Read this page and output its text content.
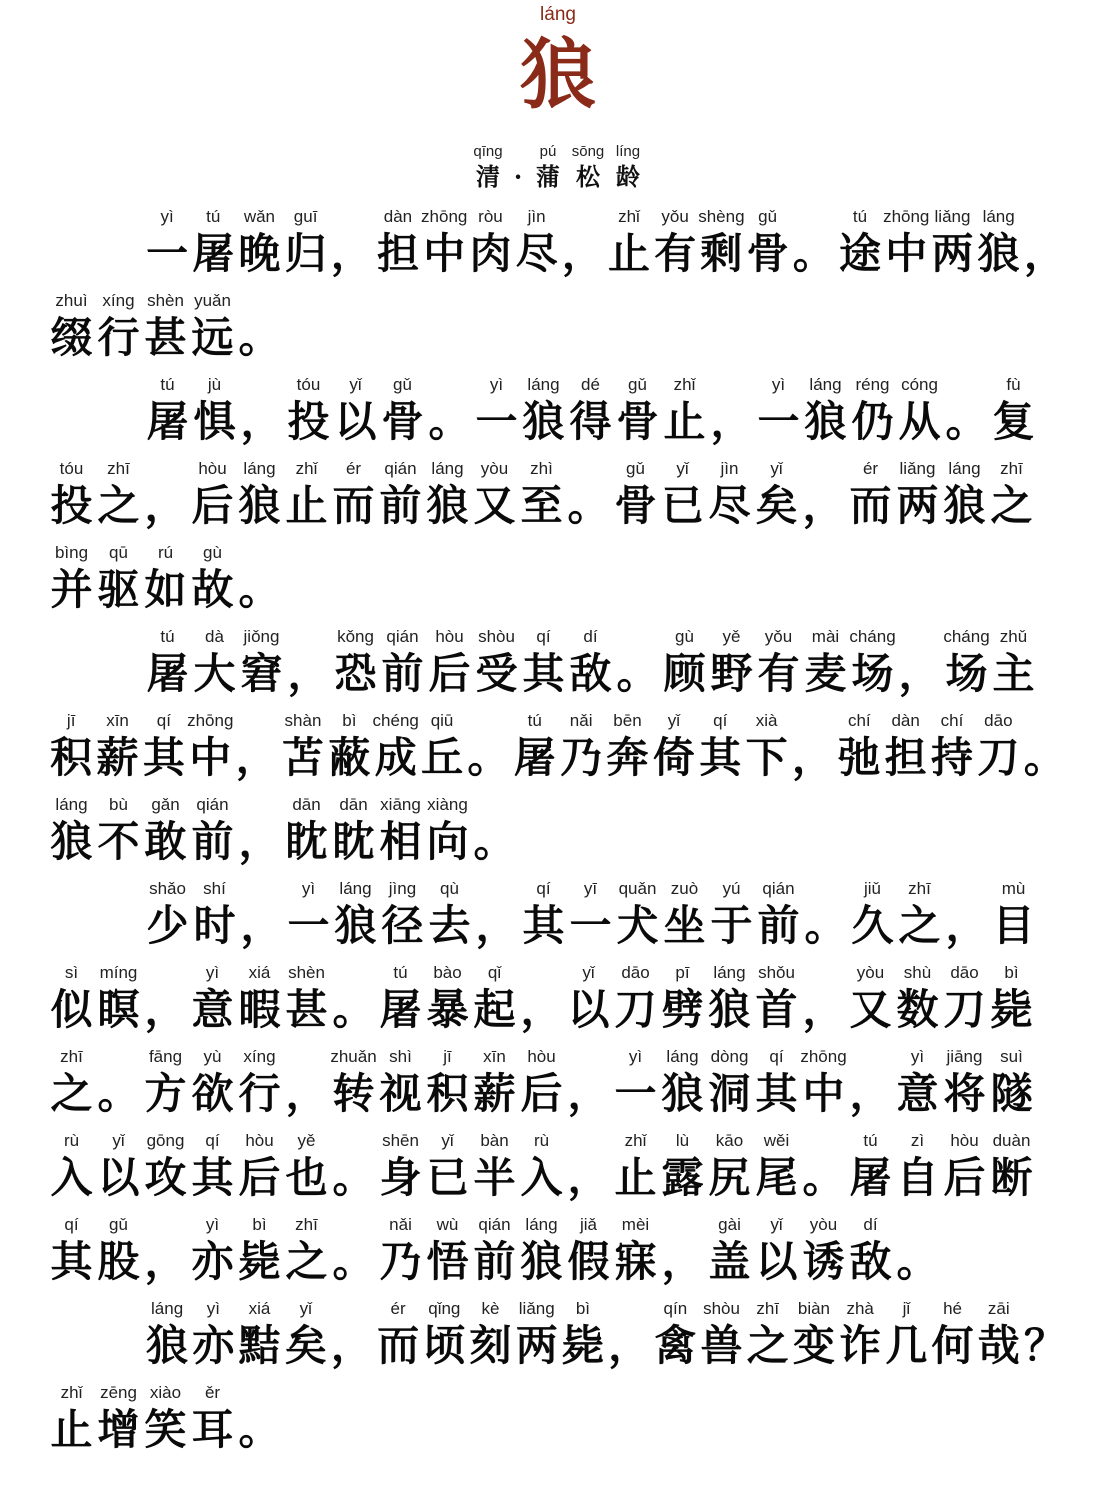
láng
狼
qīng
清 ·
pú
蒲
sōng
松
líng
龄
yì
一
tú
屠
wǎn
晚
guī
归 ，
dàn
担
zhōng
中
ròu
肉
jìn
尽 ，
zhǐ
止
yǒu
有
shèng
剩
gǔ
骨 。
tú
途
zhōng
中
liǎng
两
láng
狼 ，
zhuì
缀
xíng
行
shèn
甚
yuǎn
远 。
tú
屠
jù
惧 ，
tóu
投
yǐ
以
gǔ
骨 。
yì
一
láng
狼
dé
得
gǔ
骨
zhǐ
止 ，
yì
一
láng
狼
réng
仍
cóng
从 。
fù
复
tóu
投
zhī
之 ，
hòu
后
láng
狼
zhǐ
止
ér
而
qián
前
láng
狼
yòu
又
zhì
至 。
gǔ
骨
yǐ
已
jìn
尽
yǐ
矣 ，
ér
而
liǎng
两
láng
狼
zhī
之
bìng
并
qū
驱
rú
如
gù
故 。
tú
屠
dà
大
jiǒng
窘 ，
kǒng
恐
qián
前
hòu
后
shòu
受
qí
其
dí
敌 。
gù
顾
yě
野
yǒu
有
mài
麦
cháng
场 ，
cháng
场
zhǔ
主
jī
积
xīn
薪
qí
其
zhōng
中 ，
shàn
苫
bì
蔽
chéng
成
qiū
丘 。
tú
屠
nǎi
乃
bēn
奔
yǐ
倚
qí
其
xià
下 ，
chí
弛
dàn
担
chí
持
dāo
刀 。
láng
狼
bù
不
gǎn
敢
qián
前 ，
dān
眈
dān
眈
xiāng
相
xiàng
向 。
shǎo
少
shí
时 ，
yì
一
láng
狼
jìng
径
qù
去 ，
qí
其
yī
一
quǎn
犬
zuò
坐
yú
于
qián
前 。
jiǔ
久
zhī
之 ，
mù
目
sì
似
míng
瞑 ，
yì
意
xiá
暇
shèn
甚 。
tú
屠
bào
暴
qǐ
起 ，
yǐ
以
dāo
刀
pī
劈
láng
狼
shǒu
首 ，
yòu
又
shù
数
dāo
刀
bì
毙
zhī
之 。
fāng
方
yù
欲
xíng
行 ，
zhuǎn
转
shì
视
jī
积
xīn
薪
hòu
后 ，
yì
一
láng
狼
dòng
洞
qí
其
zhōng
中 ，
yì
意
jiāng
将
suì
隧
rù
入
yǐ
以
gōng
攻
qí
其
hòu
后
yě
也 。
shēn
身
yǐ
已
bàn
半
rù
入 ，
zhǐ
止
lù
露
kāo
尻
wěi
尾 。
tú
屠
zì
自
hòu
后
duàn
断
qí
其
gǔ
股 ，
yì
亦
bì
毙
zhī
之 。
nǎi
乃
wù
悟
qián
前
láng
狼
jiǎ
假
mèi
寐 ，
gài
盖
yǐ
以
yòu
诱
dí
敌 。
láng
狼
yì
亦
xiá
黠
yǐ
矣 ，
ér
而
qǐng
顷
kè
刻
liǎng
两
bì
毙 ，
qín
禽
shòu
兽
zhī
之
biàn
变
zhà
诈
jǐ
几
hé
何
zāi
哉 ？
zhǐ
止
zēng
增
xiào
笑
ěr
耳 。
